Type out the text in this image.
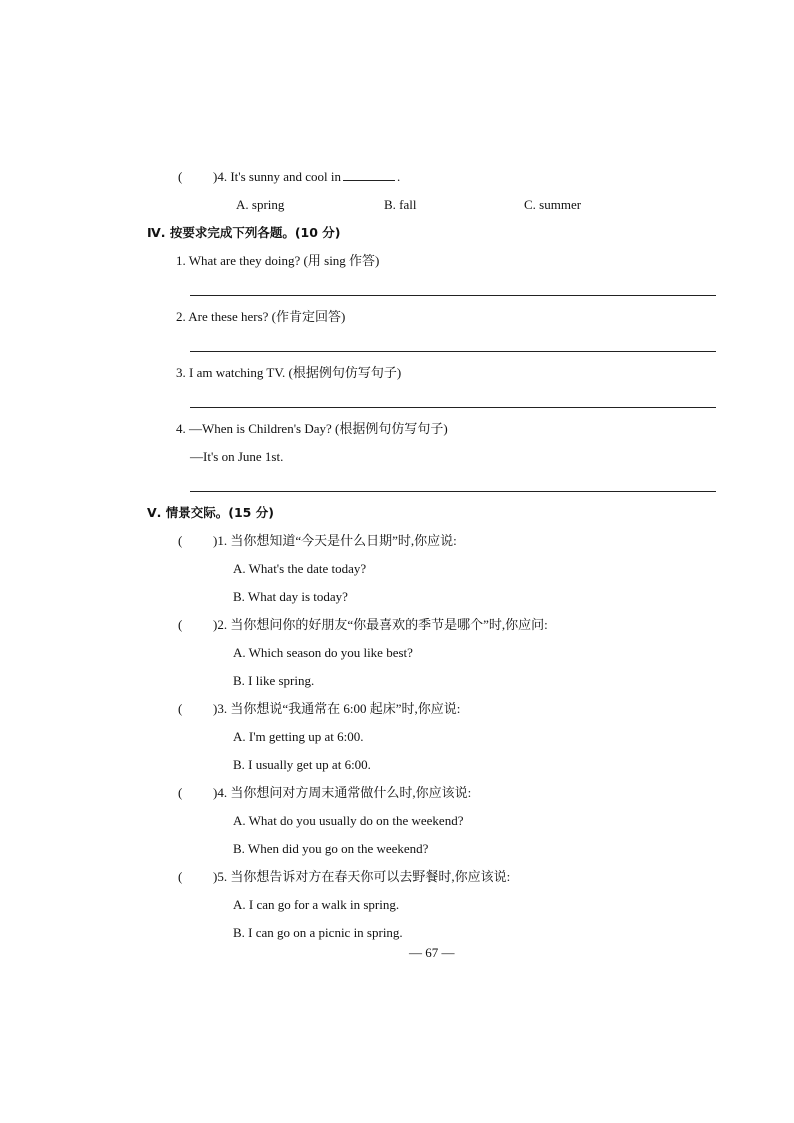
( )4. It's sunny and cool in	.
A. spring	B. fall	C. summer
Ⅳ. 按要求完成下列各题。(10 分)
1. What are they doing? (用 sing 作答)
2. Are these hers? (作肯定回答)
3. I am watching TV. (根据例句仿写句子)
4. —When is Children's Day? (根据例句仿写句子)
—It's on June 1st.
Ⅴ. 情景交际。(15 分)
( )1. 当你想知道“今天是什么日期”时,你应说:
A. What's the date today?
B. What day is today?
( )2. 当你想问你的好朋友“你最喜欢的季节是哪个”时,你应问:
A. Which season do you like best?
B. I like spring.
( )3. 当你想说“我通常在 6:00 起床”时,你应说:
A. I'm getting up at 6:00.
B. I usually get up at 6:00.
( )4. 当你想问对方周末通常做什么时,你应该说:
A. What do you usually do on the weekend?
B. When did you go on the weekend?
( )5. 当你想告诉对方在春天你可以去野餐时,你应该说:
A. I can go for a walk in spring.
B. I can go on a picnic in spring.
— 67 —
